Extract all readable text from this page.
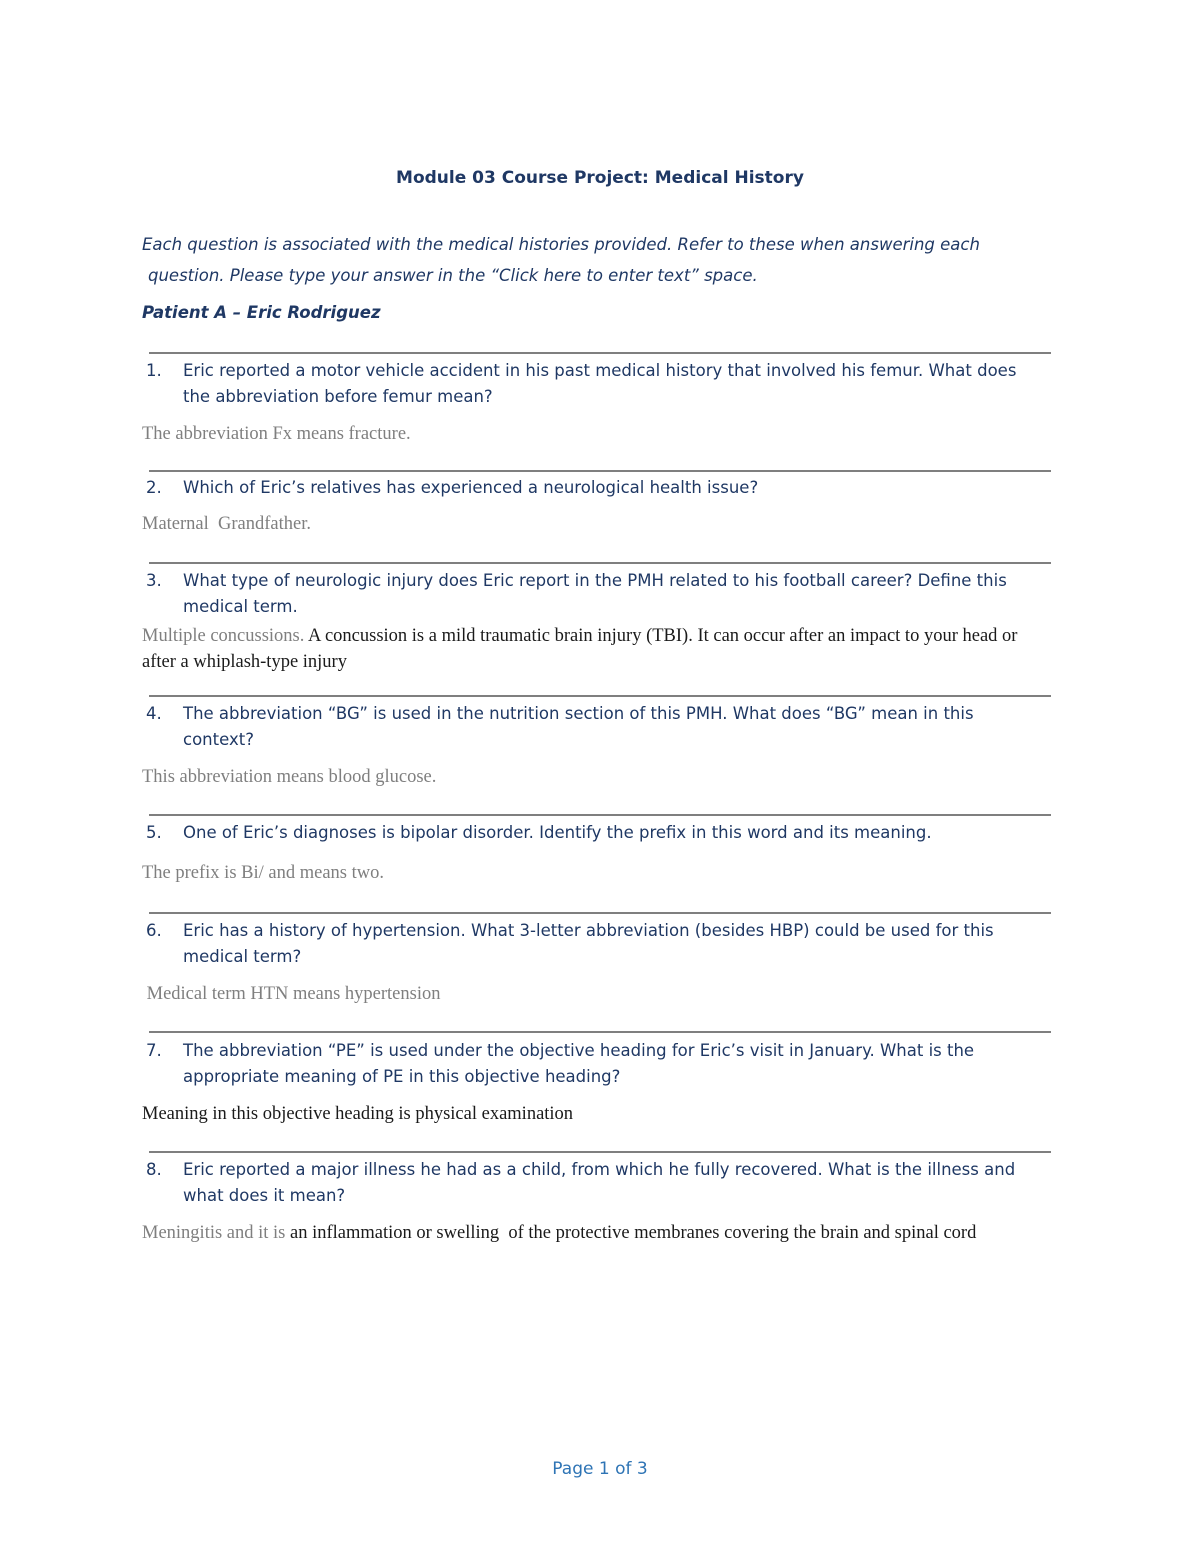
Module 03 Course Project: Medical History
Each question is associated with the medical histories provided. Refer to these when answering each
question. Please type your answer in the “Click here to enter text” space.
Patient A – Eric Rodriguez
1.	Eric reported a motor vehicle accident in his past medical history that involved his femur. What does the abbreviation before femur mean?
The abbreviation Fx means fracture.
2.	Which of Eric’s relatives has experienced a neurological health issue?
Maternal  Grandfather.
3.	What type of neurologic injury does Eric report in the PMH related to his football career? Define this medical term.
Multiple concussions. A concussion is a mild traumatic brain injury (TBI). It can occur after an impact to your head or after a whiplash-type injury
4.	The abbreviation “BG” is used in the nutrition section of this PMH. What does “BG” mean in this context?
This abbreviation means blood glucose.
5.	One of Eric’s diagnoses is bipolar disorder. Identify the prefix in this word and its meaning.
The prefix is Bi/ and means two.
6.	Eric has a history of hypertension. What 3-letter abbreviation (besides HBP) could be used for this medical term?
Medical term HTN means hypertension
7.	The abbreviation “PE” is used under the objective heading for Eric’s visit in January. What is the appropriate meaning of PE in this objective heading?
Meaning in this objective heading is physical examination
8.	Eric reported a major illness he had as a child, from which he fully recovered. What is the illness and what does it mean?
Meningitis and it is an inflammation or swelling  of the protective membranes covering the brain and spinal cord
Page 1 of 3
